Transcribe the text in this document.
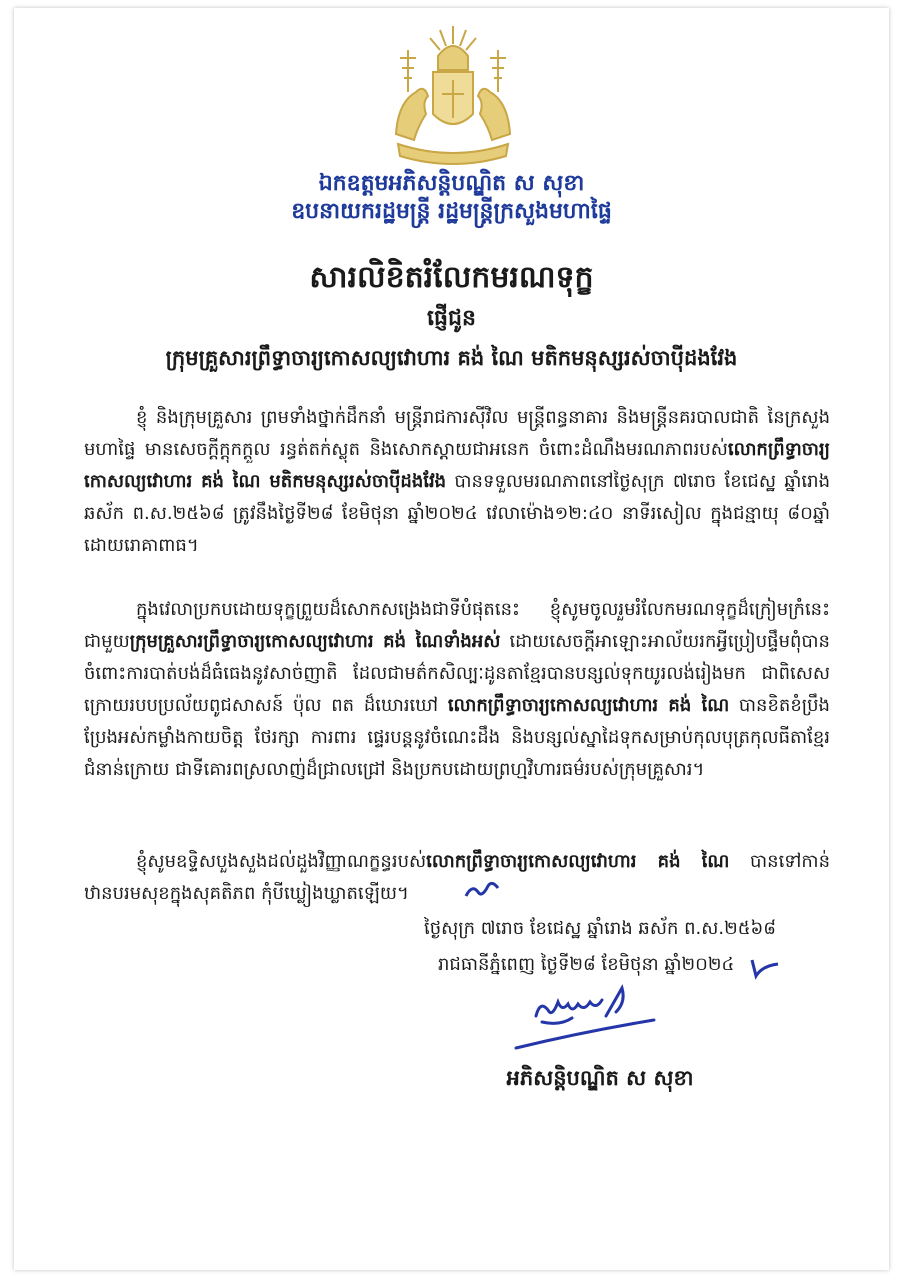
ឯកឧត្តមអភិសន្តិបណ្ឌិត ស សុខា
ឧបនាយករដ្ឋមន្ត្រី រដ្ឋមន្ត្រីក្រសួងមហាផ្ទៃ
សារលិខិតរំលែកមរណទុក្ខ
ផ្ញើជូន
ក្រុមគ្រួសារព្រឹទ្ធាចារ្យកោសល្យវោហារ គង់ ណៃ មតិកមនុស្សរស់ចាប៉ីដងវែង
ខ្ញុំ និងក្រុមគ្រួសារ ព្រមទាំងថ្នាក់ដឹកនាំ មន្ត្រីរាជការស៊ីវិល មន្ត្រីពន្ធនាគារ និងមន្ត្រីនគរបាលជាតិ នៃក្រសួងមហាផ្ទៃ មានសេចក្តីក្តុកក្តួល រន្ធត់តក់ស្លុត និងសោកស្តាយជាអនេក ចំពោះដំណឹងមរណភាពរបស់លោកព្រឹទ្ធាចារ្យកោសល្យវោហារ គង់ ណៃ មតិកមនុស្សរស់ចាប៉ីដងវែង បានទទួលមរណភាពនៅថ្ងៃសុក្រ ៧រោច ខែជេស្ឋ ឆ្នាំរោង ឆស័ក ព.ស.២៥៦៨ ត្រូវនឹងថ្ងៃទី២៨ ខែមិថុនា ឆ្នាំ២០២៤ វេលាម៉ោង១២:៤០ នាទីរសៀល ក្នុងជន្មាយុ ៨០ឆ្នាំ ដោយរោគាពាធ។
ក្នុងវេលាប្រកបដោយទុក្ខព្រួយដ៏សោកសង្រេងជាទីបំផុតនេះ ខ្ញុំសូមចូលរួមរំលែកមរណទុក្ខដ៏ក្រៀមក្រំនេះជាមួយក្រុមគ្រួសារព្រឹទ្ធាចារ្យកោសល្យវោហារ គង់ ណៃទាំងអស់ ដោយសេចក្តីអាឡោះអាល័យរកអ្វីប្រៀបផ្ទឹមពុំបាន ចំពោះការបាត់បង់ដ៏ធំធេងនូវសាច់ញាតិ ដែលជាមត៌កសិល្បៈដូនតាខ្មែរបានបន្សល់ទុកយូរលង់រៀងមក ជាពិសេសក្រោយរបបប្រល័យពូជសាសន៍ ប៉ុល ពត ដ៏ឃោរឃៅ លោកព្រឹទ្ធាចារ្យកោសល្យវោហារ គង់ ណៃ បានខិតខំប្រឹងប្រែងអស់កម្លាំងកាយចិត្ត ថែរក្សា ការពារ ផ្ទេរបន្តនូវចំណេះដឹង និងបន្សល់ស្នាដៃទុកសម្រាប់កុលបុត្រកុលធីតាខ្មែរជំនាន់ក្រោយ ជាទីគោរពស្រលាញ់ដ៏ជ្រាលជ្រៅ និងប្រកបដោយព្រហ្មវិហារធម៌របស់ក្រុមគ្រួសារ។
ខ្ញុំសូមឧទ្ទិសបួងសួងដល់ដួងវិញ្ញាណក្ខន្ធរបស់លោកព្រឹទ្ធាចារ្យកោសល្យវោហារ គង់ ណៃ បានទៅកាន់ឋានបរមសុខក្នុងសុគតិភព កុំបីឃ្លៀងឃ្លាតឡើយ។
ថ្ងៃសុក្រ ៧រោច ខែជេស្ឋ ឆ្នាំរោង ឆស័ក ព.ស.២៥៦៨
រាជធានីភ្នំពេញ ថ្ងៃទី២៨ ខែមិថុនា ឆ្នាំ២០២៤
អភិសន្តិបណ្ឌិត ស សុខា
